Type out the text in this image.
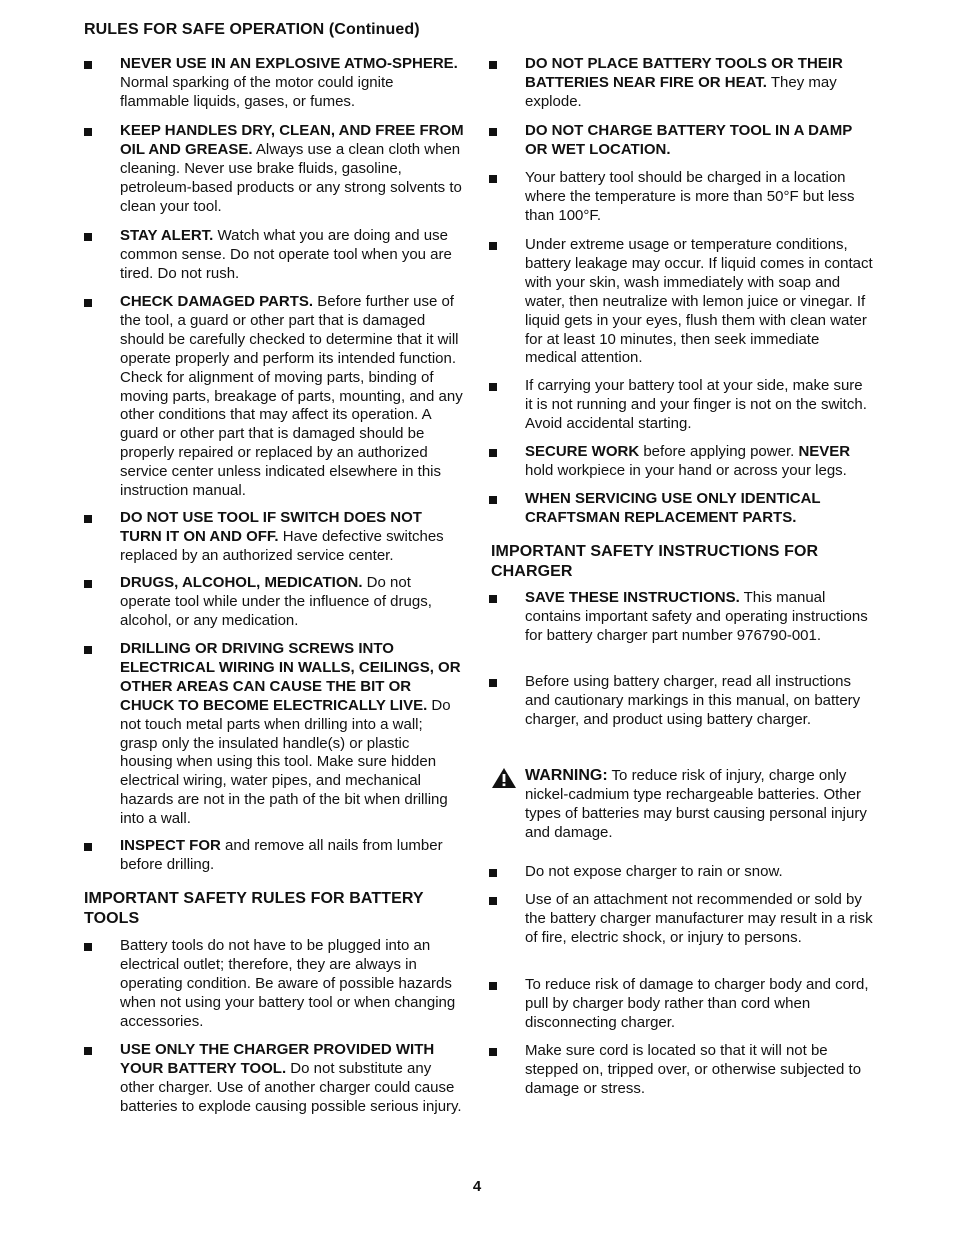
RULES FOR SAFE OPERATION (Continued)
NEVER USE IN AN EXPLOSIVE ATMO-SPHERE. Normal sparking of the motor could ignite flammable liquids, gases, or fumes.
KEEP HANDLES DRY, CLEAN, AND FREE FROM OIL AND GREASE. Always use a clean cloth when cleaning. Never use brake fluids, gasoline, petroleum-based products or any strong solvents to clean your tool.
STAY ALERT. Watch what you are doing and use common sense. Do not operate tool when you are tired. Do not rush.
CHECK DAMAGED PARTS. Before further use of the tool, a guard or other part that is damaged should be carefully checked to determine that it will operate properly and perform its intended function. Check for alignment of moving parts, binding of moving parts, breakage of parts, mounting, and any other conditions that may affect its operation. A guard or other part that is damaged should be properly repaired or replaced by an authorized service center unless indicated elsewhere in this instruction manual.
DO NOT USE TOOL IF SWITCH DOES NOT TURN IT ON AND OFF. Have defective switches replaced by an authorized service center.
DRUGS, ALCOHOL, MEDICATION. Do not operate tool while under the influence of drugs, alcohol, or any medication.
DRILLING OR DRIVING SCREWS INTO ELECTRICAL WIRING IN WALLS, CEILINGS, OR OTHER AREAS CAN CAUSE THE BIT OR CHUCK TO BECOME ELECTRICALLY LIVE. Do not touch metal parts when drilling into a wall; grasp only the insulated handle(s) or plastic housing when using this tool. Make sure hidden electrical wiring, water pipes, and mechanical hazards are not in the path of the bit when drilling into a wall.
INSPECT FOR and remove all nails from lumber before drilling.
IMPORTANT SAFETY RULES FOR BATTERY TOOLS
Battery tools do not have to be plugged into an electrical outlet; therefore, they are always in operating condition. Be aware of possible hazards when not using your battery tool or when changing accessories.
USE ONLY THE CHARGER PROVIDED WITH YOUR BATTERY TOOL. Do not substitute any other charger. Use of another charger could cause batteries to explode causing possible serious injury.
DO NOT PLACE BATTERY TOOLS OR THEIR BATTERIES NEAR FIRE OR HEAT. They may explode.
DO NOT CHARGE BATTERY TOOL IN A DAMP OR WET LOCATION.
Your battery tool should be charged in a location where the temperature is more than 50°F but less than 100°F.
Under extreme usage or temperature conditions, battery leakage may occur. If liquid comes in contact with your skin, wash immediately with soap and water, then neutralize with lemon juice or vinegar. If liquid gets in your eyes, flush them with clean water for at least 10 minutes, then seek immediate medical attention.
If carrying your battery tool at your side, make sure it is not running and your finger is not on the switch. Avoid accidental starting.
SECURE WORK before applying power. NEVER hold workpiece in your hand or across your legs.
WHEN SERVICING USE ONLY IDENTICAL CRAFTSMAN REPLACEMENT PARTS.
IMPORTANT SAFETY INSTRUCTIONS FOR CHARGER
SAVE THESE INSTRUCTIONS. This manual contains important safety and operating instructions for battery charger part number 976790-001.
Before using battery charger, read all instructions and cautionary markings in this manual, on battery charger, and product using battery charger.
WARNING: To reduce risk of injury, charge only nickel-cadmium type rechargeable batteries. Other types of batteries may burst causing personal injury and damage.
Do not expose charger to rain or snow.
Use of an attachment not recommended or sold by the battery charger manufacturer may result in a risk of fire, electric shock, or injury to persons.
To reduce risk of damage to charger body and cord, pull by charger body rather than cord when disconnecting charger.
Make sure cord is located so that it will not be stepped on, tripped over, or otherwise subjected to damage or stress.
4
